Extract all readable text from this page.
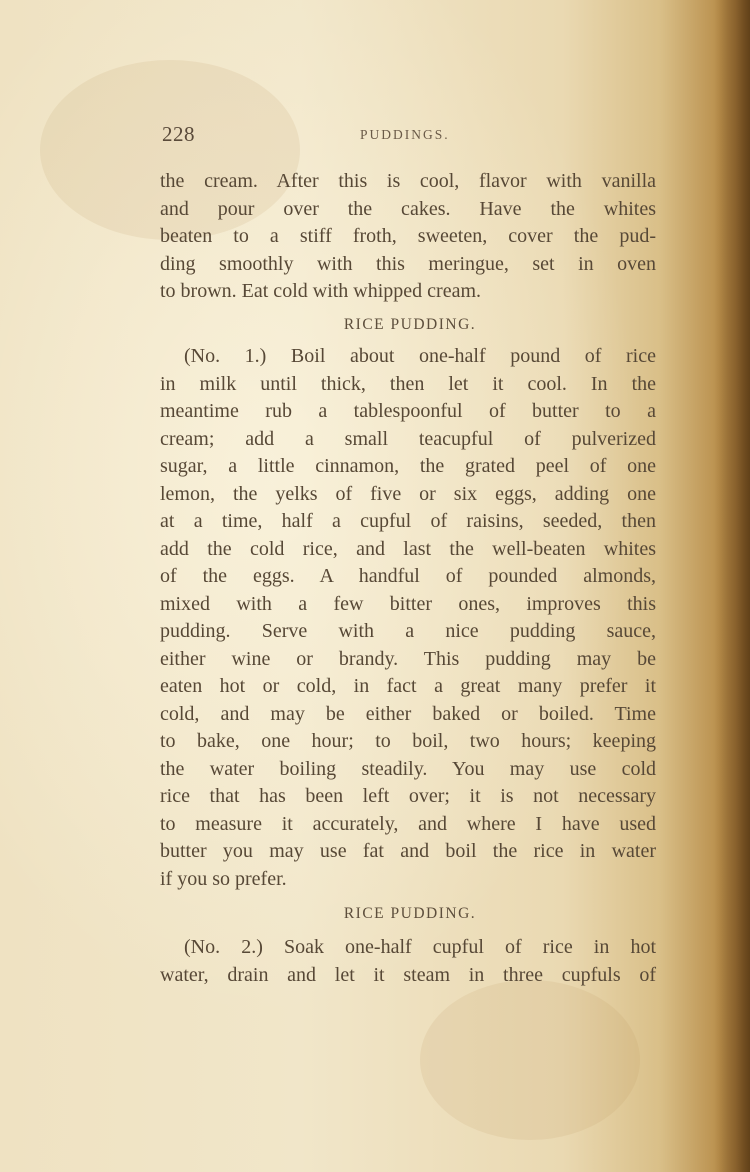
228	PUDDINGS.
the cream. After this is cool, flavor with vanilla
and pour over the cakes. Have the whites
beaten to a stiff froth, sweeten, cover the pud-
ding smoothly with this meringue, set in oven
to brown. Eat cold with whipped cream.
RICE PUDDING.
(No. 1.) Boil about one-half pound of rice
in milk until thick, then let it cool. In the
meantime rub a tablespoonful of butter to a
cream; add a small teacupful of pulverized
sugar, a little cinnamon, the grated peel of one
lemon, the yelks of five or six eggs, adding one
at a time, half a cupful of raisins, seeded, then
add the cold rice, and last the well-beaten whites
of the eggs. A handful of pounded almonds,
mixed with a few bitter ones, improves this
pudding. Serve with a nice pudding sauce,
either wine or brandy. This pudding may be
eaten hot or cold, in fact a great many prefer it
cold, and may be either baked or boiled. Time
to bake, one hour; to boil, two hours; keeping
the water boiling steadily. You may use cold
rice that has been left over; it is not necessary
to measure it accurately, and where I have used
butter you may use fat and boil the rice in water
if you so prefer.
RICE PUDDING.
(No. 2.) Soak one-half cupful of rice in hot
water, drain and let it steam in three cupfuls of
